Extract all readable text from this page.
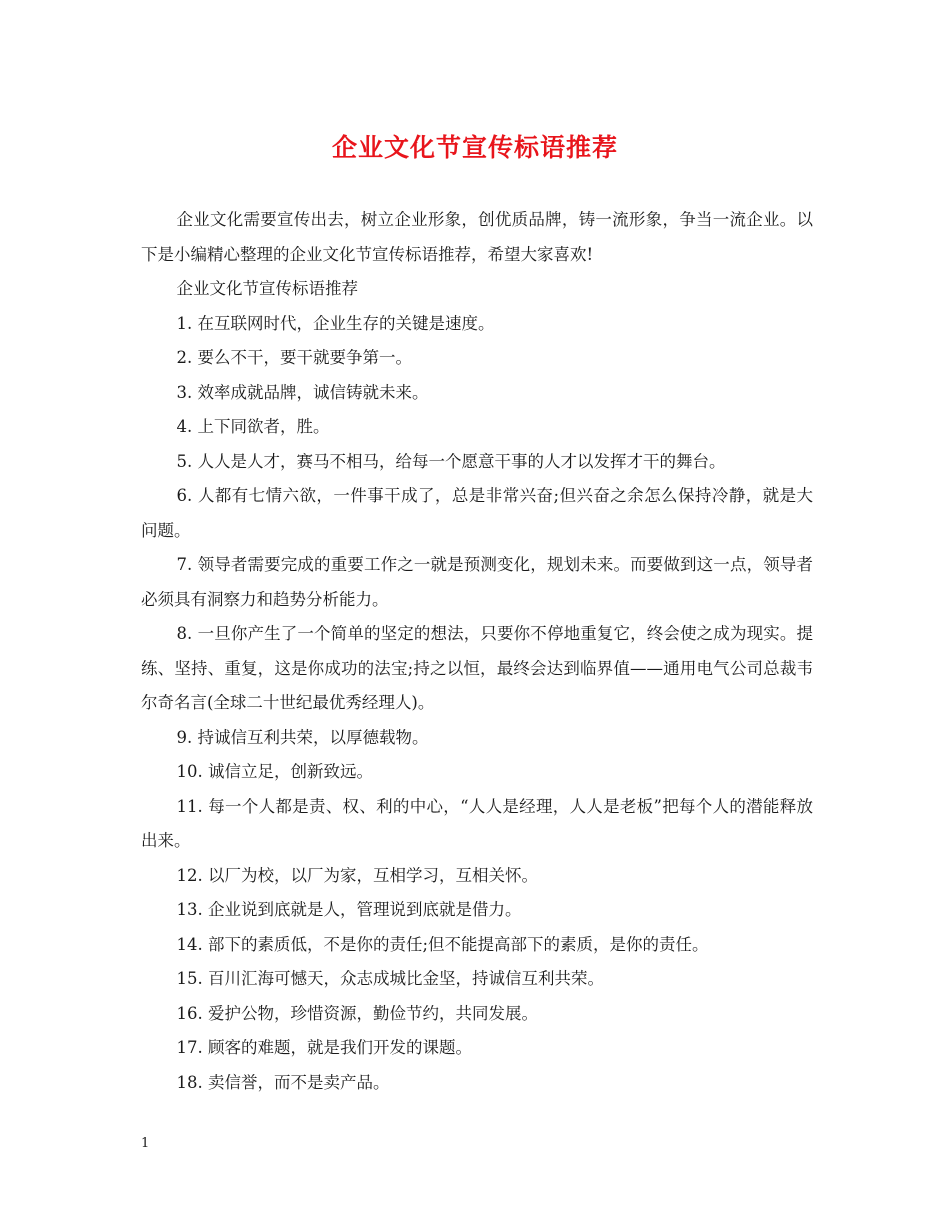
企业文化节宣传标语推荐

企业文化需要宣传出去，树立企业形象，创优质品牌，铸一流形象，争当一流企业。以下是小编精心整理的企业文化节宣传标语推荐，希望大家喜欢!

企业文化节宣传标语推荐

1. 在互联网时代，企业生存的关键是速度。

2. 要么不干，要干就要争第一。

3. 效率成就品牌，诚信铸就未来。

4. 上下同欲者，胜。

5. 人人是人才，赛马不相马，给每一个愿意干事的人才以发挥才干的舞台。

6. 人都有七情六欲，一件事干成了，总是非常兴奋;但兴奋之余怎么保持冷静，就是大问题。

7. 领导者需要完成的重要工作之一就是预测变化，规划未来。而要做到这一点，领导者必须具有洞察力和趋势分析能力。

8. 一旦你产生了一个简单的坚定的想法，只要你不停地重复它，终会使之成为现实。提练、坚持、重复，这是你成功的法宝;持之以恒，最终会达到临界值——通用电气公司总裁韦尔奇名言(全球二十世纪最优秀经理人)。

9. 持诚信互利共荣，以厚德载物。

10. 诚信立足，创新致远。

11. 每一个人都是责、权、利的中心，“人人是经理，人人是老板”把每个人的潜能释放出来。

12. 以厂为校，以厂为家，互相学习，互相关怀。

13. 企业说到底就是人，管理说到底就是借力。

14. 部下的素质低，不是你的责任;但不能提高部下的素质，是你的责任。

15. 百川汇海可憾天，众志成城比金坚，持诚信互利共荣。

16. 爱护公物，珍惜资源，勤俭节约，共同发展。

17. 顾客的难题，就是我们开发的课题。

18. 卖信誉，而不是卖产品。

1
